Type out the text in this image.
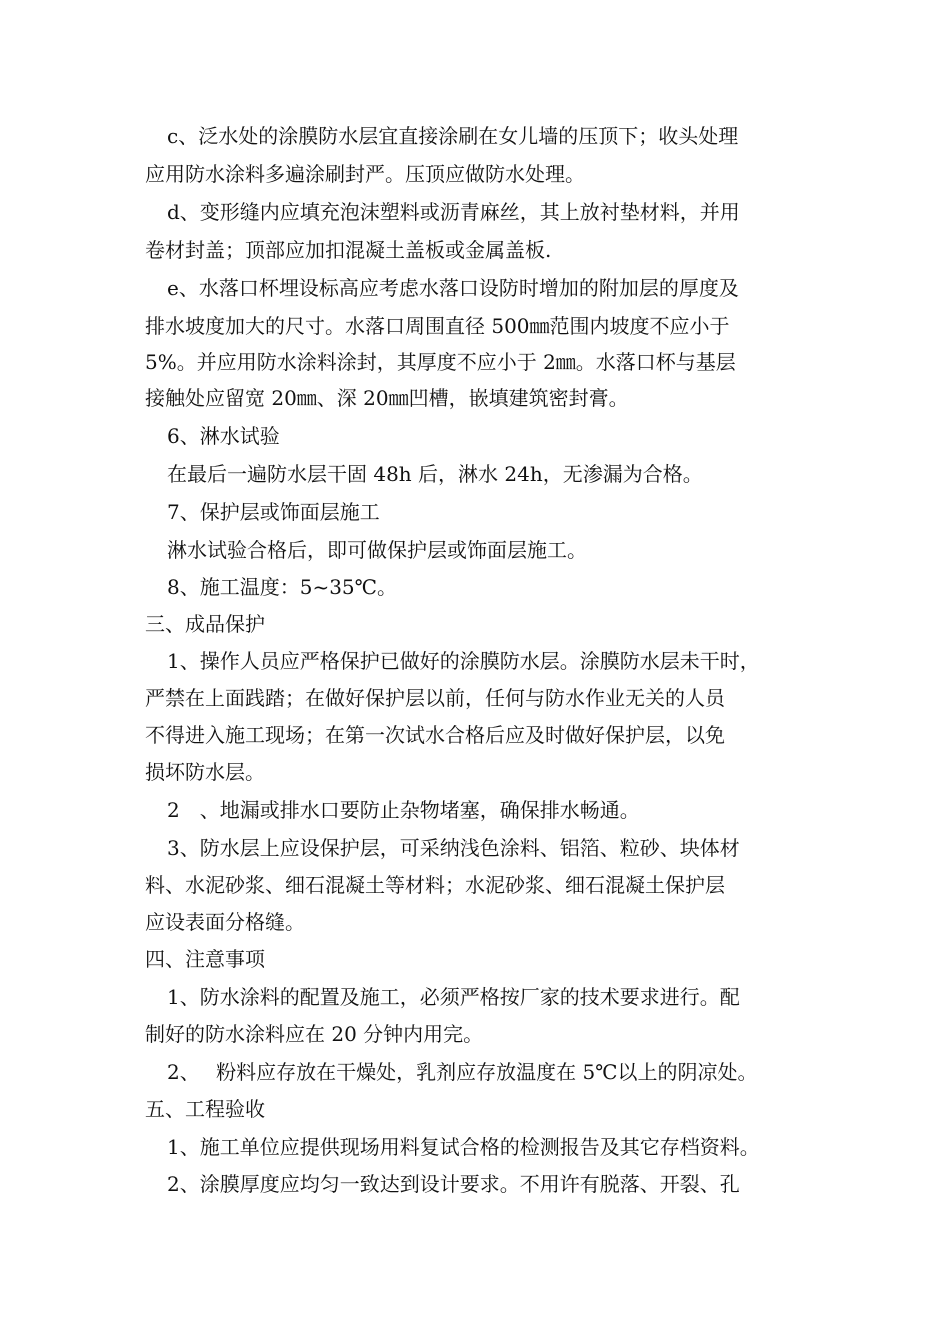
c、泛水处的涂膜防水层宜直接涂刷在女儿墙的压顶下；收头处理
应用防水涂料多遍涂刷封严。压顶应做防水处理。
d、变形缝内应填充泡沫塑料或沥青麻丝，其上放衬垫材料，并用
卷材封盖；顶部应加扣混凝土盖板或金属盖板.
e、水落口杯埋设标高应考虑水落口设防时增加的附加层的厚度及
排水坡度加大的尺寸。水落口周围直径 500㎜范围内坡度不应小于
5%。并应用防水涂料涂封，其厚度不应小于 2㎜。水落口杯与基层
接触处应留宽 20㎜、深 20㎜凹槽，嵌填建筑密封膏。
6、淋水试验
在最后一遍防水层干固 48h 后，淋水 24h，无渗漏为合格。
7、保护层或饰面层施工
淋水试验合格后，即可做保护层或饰面层施工。
8、施工温度：5~35℃。
三、成品保护
1、操作人员应严格保护已做好的涂膜防水层。涂膜防水层未干时，
严禁在上面践踏；在做好保护层以前，任何与防水作业无关的人员
不得进入施工现场；在第一次试水合格后应及时做好保护层，以免
损坏防水层。
2　、地漏或排水口要防止杂物堵塞，确保排水畅通。
3、防水层上应设保护层，可采纳浅色涂料、铝箔、粒砂、块体材
料、水泥砂浆、细石混凝土等材料；水泥砂浆、细石混凝土保护层
应设表面分格缝。
四、注意事项
1、防水涂料的配置及施工，必须严格按厂家的技术要求进行。配
制好的防水涂料应在 20 分钟内用完。
2、　 粉料应存放在干燥处，乳剂应存放温度在 5℃以上的阴凉处。
五、工程验收
1、施工单位应提供现场用料复试合格的检测报告及其它存档资料。
2、涂膜厚度应均匀一致达到设计要求。不用许有脱落、开裂、孔
